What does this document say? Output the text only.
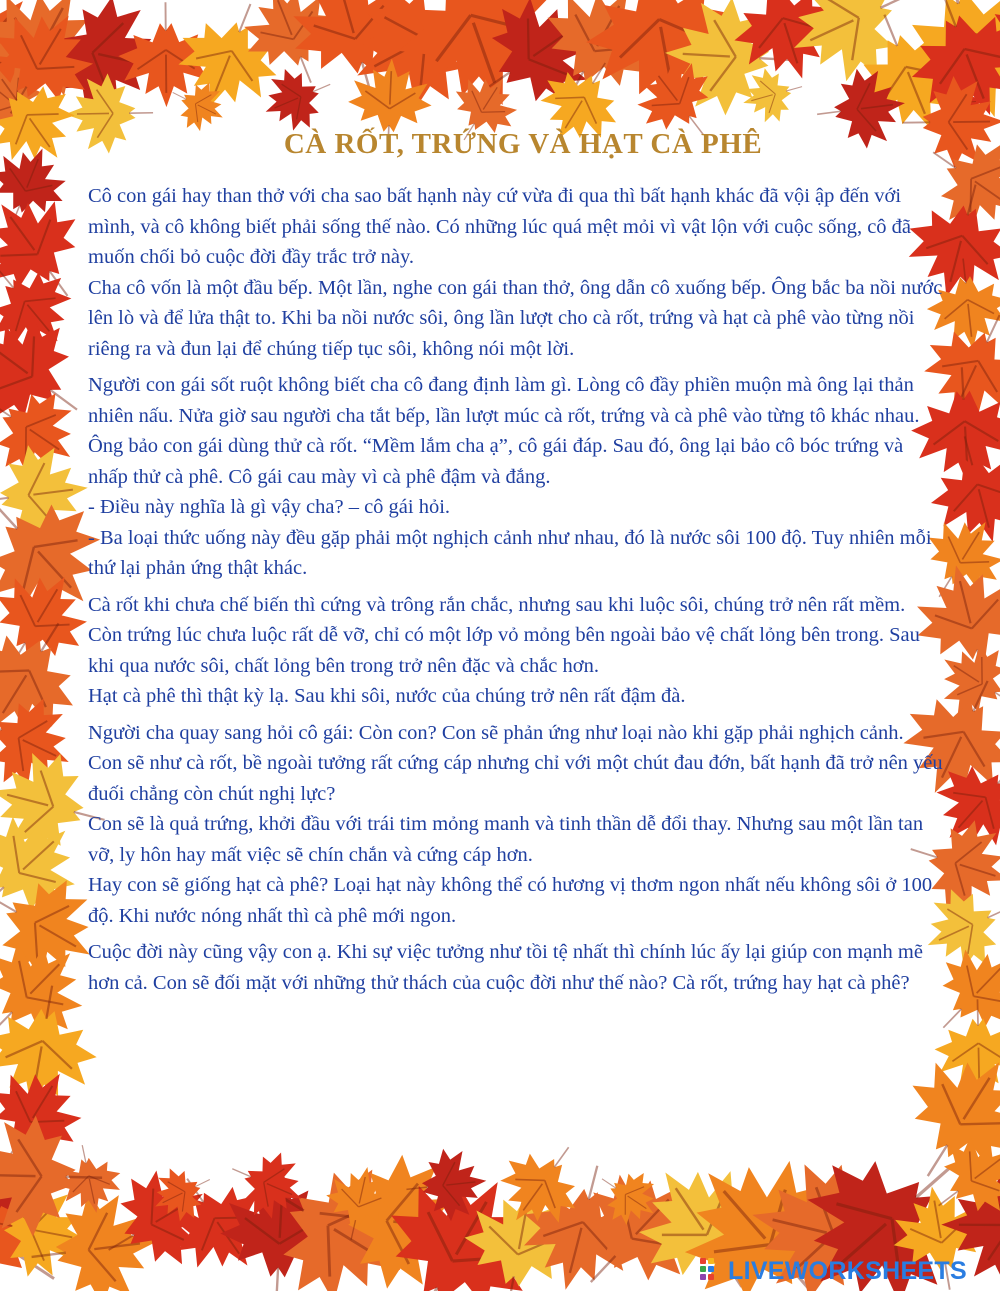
CÀ RỐT, TRỨNG VÀ HẠT CÀ PHÊ

Cô con gái hay than thở với cha sao bất hạnh này cứ vừa đi qua thì bất hạnh khác đã vội ập đến với mình, và cô không biết phải sống thế nào. Có những lúc quá mệt mỏi vì vật lộn với cuộc sống, cô đã muốn chối bỏ cuộc đời đầy trắc trở này.

Cha cô vốn là một đầu bếp. Một lần, nghe con gái than thở, ông dẫn cô xuống bếp. Ông bắc ba nồi nước lên lò và để lửa thật to. Khi ba nồi nước sôi, ông lần lượt cho cà rốt, trứng và hạt cà phê vào từng nồi riêng ra và đun lại để chúng tiếp tục sôi, không nói một lời.

Người con gái sốt ruột không biết cha cô đang định làm gì. Lòng cô đầy phiền muộn mà ông lại thản nhiên nấu. Nửa giờ sau người cha tắt bếp, lần lượt múc cà rốt, trứng và cà phê vào từng tô khác nhau.

Ông bảo con gái dùng thử cà rốt. “Mềm lắm cha ạ”, cô gái đáp. Sau đó, ông lại bảo cô bóc trứng và nhấp thử cà phê. Cô gái cau mày vì cà phê đậm và đắng.

- Điều này nghĩa là gì vậy cha? – cô gái hỏi.

- Ba loại thức uống này đều gặp phải một nghịch cảnh như nhau, đó là nước sôi 100 độ. Tuy nhiên mỗi thứ lại phản ứng thật khác.

Cà rốt khi chưa chế biến thì cứng và trông rắn chắc, nhưng sau khi luộc sôi, chúng trở nên rất mềm.

Còn trứng lúc chưa luộc rất dễ vỡ, chỉ có một lớp vỏ mỏng bên ngoài bảo vệ chất lỏng bên trong. Sau khi qua nước sôi, chất lỏng bên trong trở nên đặc và chắc hơn.

Hạt cà phê thì thật kỳ lạ. Sau khi sôi, nước của chúng trở nên rất đậm đà.

Người cha quay sang hỏi cô gái: Còn con? Con sẽ phản ứng như loại nào khi gặp phải nghịch cảnh.

Con sẽ như cà rốt, bề ngoài tưởng rất cứng cáp nhưng chỉ với một chút đau đớn, bất hạnh đã trở nên yếu đuối chẳng còn chút nghị lực?

Con sẽ là quả trứng, khởi đầu với trái tim mỏng manh và tinh thần dễ đổi thay. Nhưng sau một lần tan vỡ, ly hôn hay mất việc sẽ chín chắn và cứng cáp hơn.

Hay con sẽ giống hạt cà phê? Loại hạt này không thể có hương vị thơm ngon nhất nếu không sôi ở 100 độ. Khi nước nóng nhất thì cà phê mới ngon.

Cuộc đời này cũng vậy con ạ. Khi sự việc tưởng như tồi tệ nhất thì chính lúc ấy lại giúp con mạnh mẽ hơn cả. Con sẽ đối mặt với những thử thách của cuộc đời như thế nào? Cà rốt, trứng hay hạt cà phê?

LIVEWORKSHEETS
